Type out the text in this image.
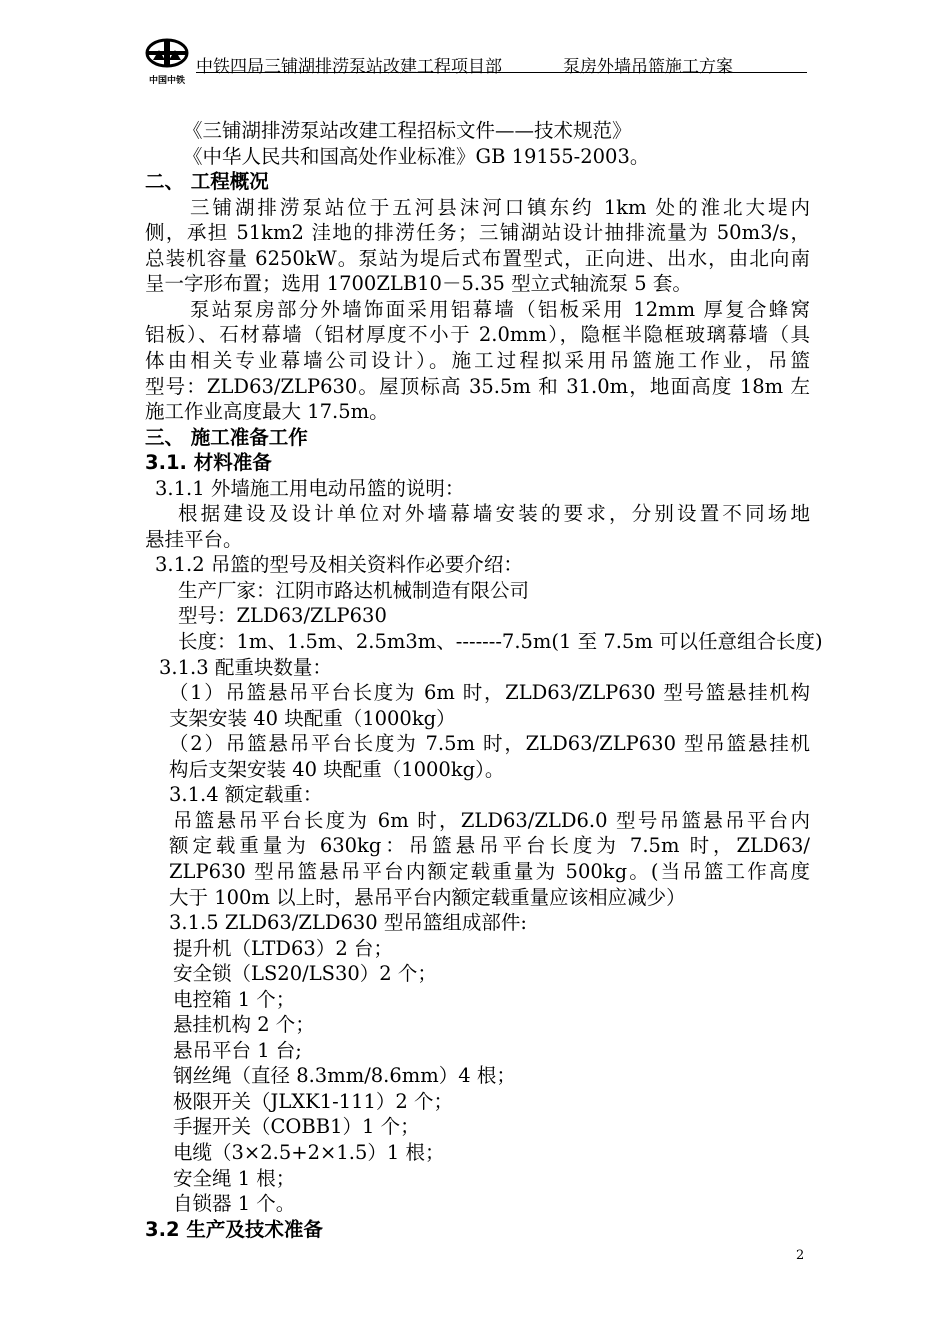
中国中铁
中铁四局三铺湖排涝泵站改建工程项目部	泵房外墙吊篮施工方案
《三铺湖排涝泵站改建工程招标文件——技术规范》
《中华人民共和国高处作业标准》GB 19155-2003。
二、 工程概况
三铺湖排涝泵站位于五河县沫河口镇东约 1km 处的淮北大堤内
侧，承担 51km2 洼地的排涝任务；三铺湖站设计抽排流量为 50m3/s，
总装机容量 6250kW。泵站为堤后式布置型式，正向进、出水，由北向南
呈一字形布置；选用 1700ZLB10－5.35 型立式轴流泵 5 套。
泵站泵房部分外墙饰面采用铝幕墙（铝板采用 12mm 厚复合蜂窝
铝板）、石材幕墙（铝材厚度不小于 2.0mm），隐框半隐框玻璃幕墙（具
体由相关专业幕墙公司设计）。施工过程拟采用吊篮施工作业，吊篮
型号：ZLD63/ZLP630。屋顶标高 35.5m 和 31.0m，地面高度 18m 左
施工作业高度最大 17.5m。
三、 施工准备工作
3.1. 材料准备
3.1.1 外墙施工用电动吊篮的说明：
根据建设及设计单位对外墙幕墙安装的要求，分别设置不同场地
悬挂平台。
3.1.2 吊篮的型号及相关资料作必要介绍：
生产厂家：江阴市路达机械制造有限公司
型号：ZLD63/ZLP630
长度：1m、1.5m、2.5m3m、-------7.5m(1 至 7.5m 可以任意组合长度)
3.1.3 配重块数量：
（1）吊篮悬吊平台长度为 6m 时，ZLD63/ZLP630 型号篮悬挂机构
支架安装 40 块配重（1000kg）
（2）吊篮悬吊平台长度为 7.5m 时，ZLD63/ZLP630 型吊篮悬挂机
构后支架安装 40 块配重（1000kg）。
3.1.4 额定载重：
吊篮悬吊平台长度为 6m 时，ZLD63/ZLD6.0 型号吊篮悬吊平台内
额定载重量为 630kg：吊篮悬吊平台长度为 7.5m 时，ZLD63/
ZLP630 型吊篮悬吊平台内额定载重量为 500kg。(当吊篮工作高度
大于 100m 以上时，悬吊平台内额定载重量应该相应减少）
3.1.5 ZLD63/ZLD630 型吊篮组成部件:
提升机（LTD63）2 台；
安全锁（LS20/LS30）2 个；
电控箱 1 个；
悬挂机构 2 个；
悬吊平台 1 台;
钢丝绳（直径 8.3mm/8.6mm）4 根；
极限开关（JLXK1-111）2 个；
手握开关（COBB1）1 个；
电缆（3×2.5+2×1.5）1 根；
安全绳 1 根；
自锁器 1 个。
3.2 生产及技术准备
2
